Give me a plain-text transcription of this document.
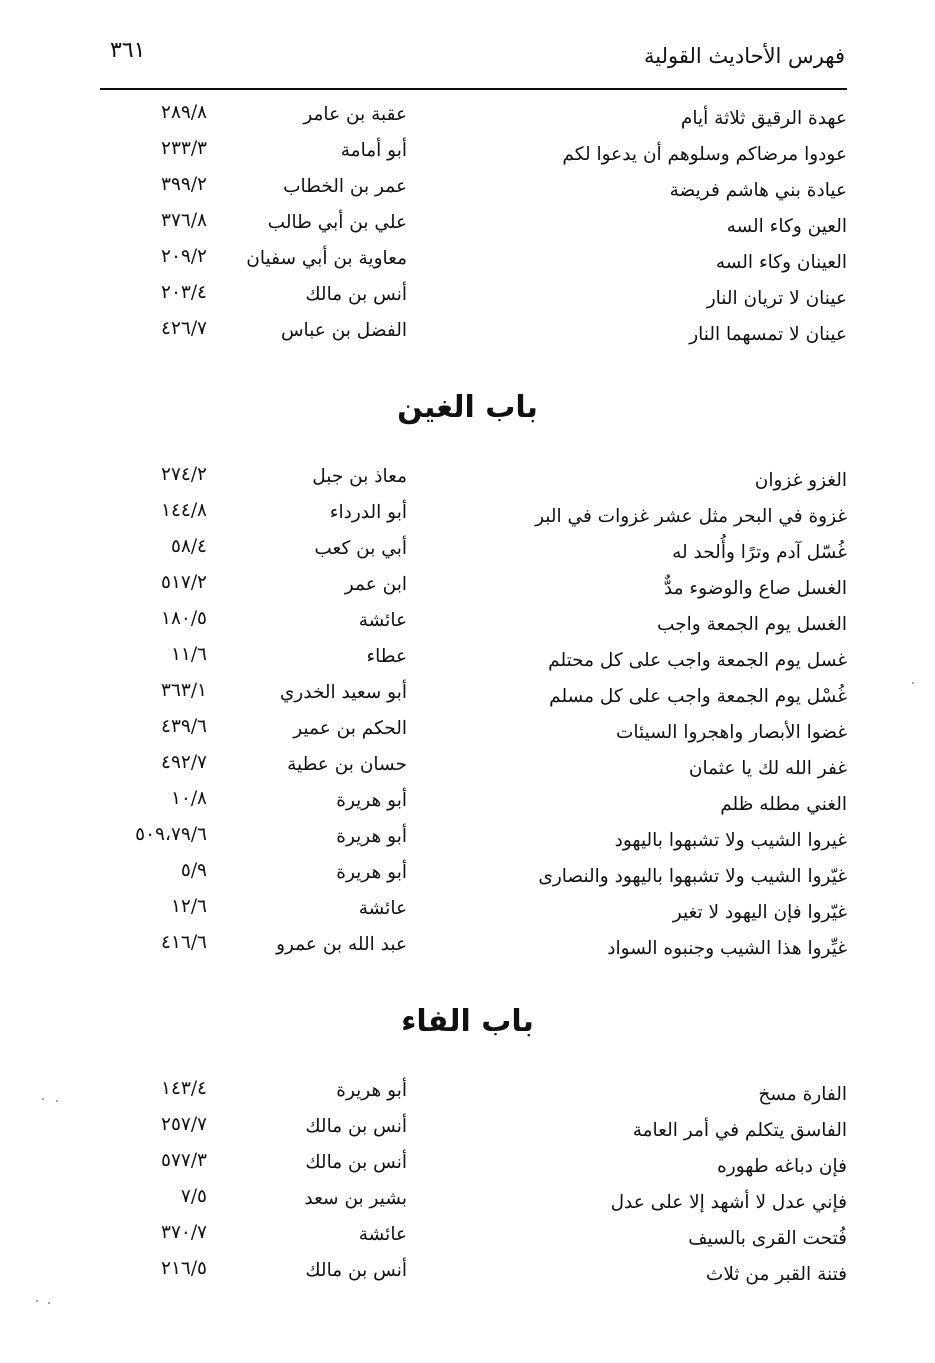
٣٦١	فهرس الأحاديث القولية
عهدة الرقيق ثلاثة أيام
عقبة بن عامر
٢٨٩/٨
عودوا مرضاكم وسلوهم أن يدعوا لكم
أبو أمامة
٢٣٣/٣
عيادة بني هاشم فريضة
عمر بن الخطاب
٣٩٩/٢
العين وكاء السه
علي بن أبي طالب
٣٧٦/٨
العينان وكاء السه
معاوية بن أبي سفيان
٢٠٩/٢
عينان لا تريان النار
أنس بن مالك
٢٠٣/٤
عينان لا تمسهما النار
الفضل بن عباس
٤٢٦/٧
باب الغين
الغزو غزوان
معاذ بن جبل
٢٧٤/٢
غزوة في البحر مثل عشر غزوات في البر
أبو الدرداء
١٤٤/٨
غُسّل آدم وترًا وأُلحد له
أبي بن كعب
٥٨/٤
الغسل صاع والوضوء مدٌّ
ابن عمر
٥١٧/٢
الغسل يوم الجمعة واجب
عائشة
١٨٠/٥
غسل يوم الجمعة واجب على كل محتلم
عطاء
١١/٦
غُسْل يوم الجمعة واجب على كل مسلم
أبو سعيد الخدري
٣٦٣/١
غضوا الأبصار واهجروا السيئات
الحكم بن عمير
٤٣٩/٦
غفر الله لك يا عثمان
حسان بن عطية
٤٩٢/٧
الغني مطله ظلم
أبو هريرة
١٠/٨
غيروا الشيب ولا تشبهوا باليهود
أبو هريرة
٥٠٩،٧٩/٦
غيّروا الشيب ولا تشبهوا باليهود والنصارى
أبو هريرة
٥/٩
غيّروا فإن اليهود لا تغير
عائشة
١٢/٦
غيِّروا هذا الشيب وجنبوه السواد
عبد الله بن عمرو
٤١٦/٦
باب الفاء
الفارة مسخ
أبو هريرة
١٤٣/٤
الفاسق يتكلم في أمر العامة
أنس بن مالك
٢٥٧/٧
فإن دباغه طهوره
أنس بن مالك
٥٧٧/٣
فإني عدل لا أشهد إلا على عدل
بشير بن سعد
٧/٥
فُتحت القرى بالسيف
عائشة
٣٧٠/٧
فتنة القبر من ثلاث
أنس بن مالك
٢١٦/٥
